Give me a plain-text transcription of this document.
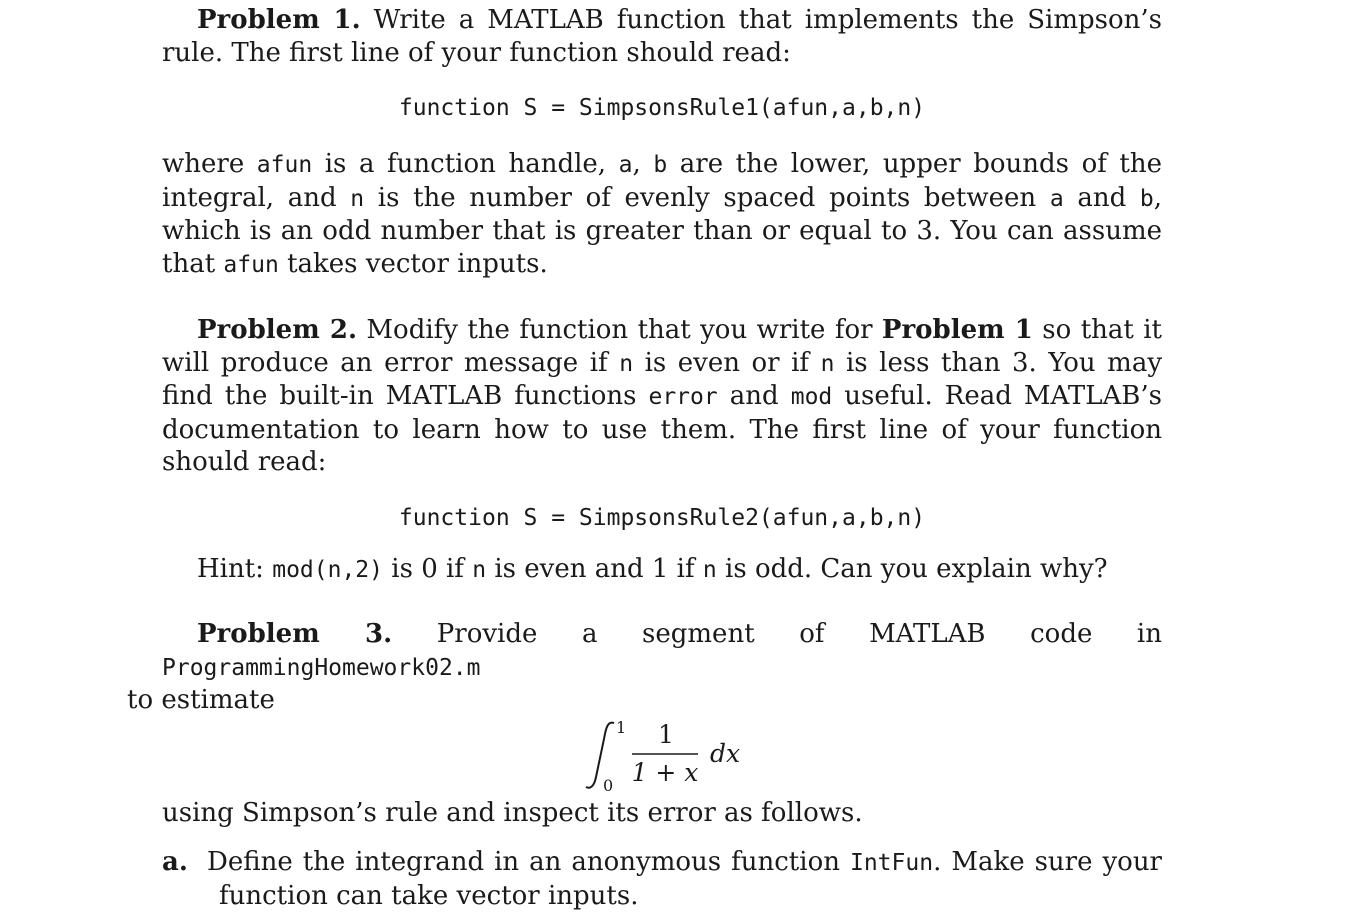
Problem 1. Write a MATLAB function that implements the Simpson’s rule. The first line of your function should read:

function S = SimpsonsRule1(afun,a,b,n)

where afun is a function handle, a, b are the lower, upper bounds of the integral, and n is the number of evenly spaced points between a and b, which is an odd number that is greater than or equal to 3. You can assume that afun takes vector inputs.

Problem 2. Modify the function that you write for Problem 1 so that it will produce an error message if n is even or if n is less than 3. You may find the built-in MATLAB functions error and mod useful. Read MATLAB’s documentation to learn how to use them. The first line of your function should read:

function S = SimpsonsRule2(afun,a,b,n)

Hint: mod(n,2) is 0 if n is even and 1 if n is odd. Can you explain why?

Problem 3. Provide a segment of MATLAB code in ProgrammingHomework02.m
to estimate

1
0
1
1 + x
dx

using Simpson’s rule and inspect its error as follows.

a. Define the integrand in an anonymous function IntFun. Make sure your function can take vector inputs.
